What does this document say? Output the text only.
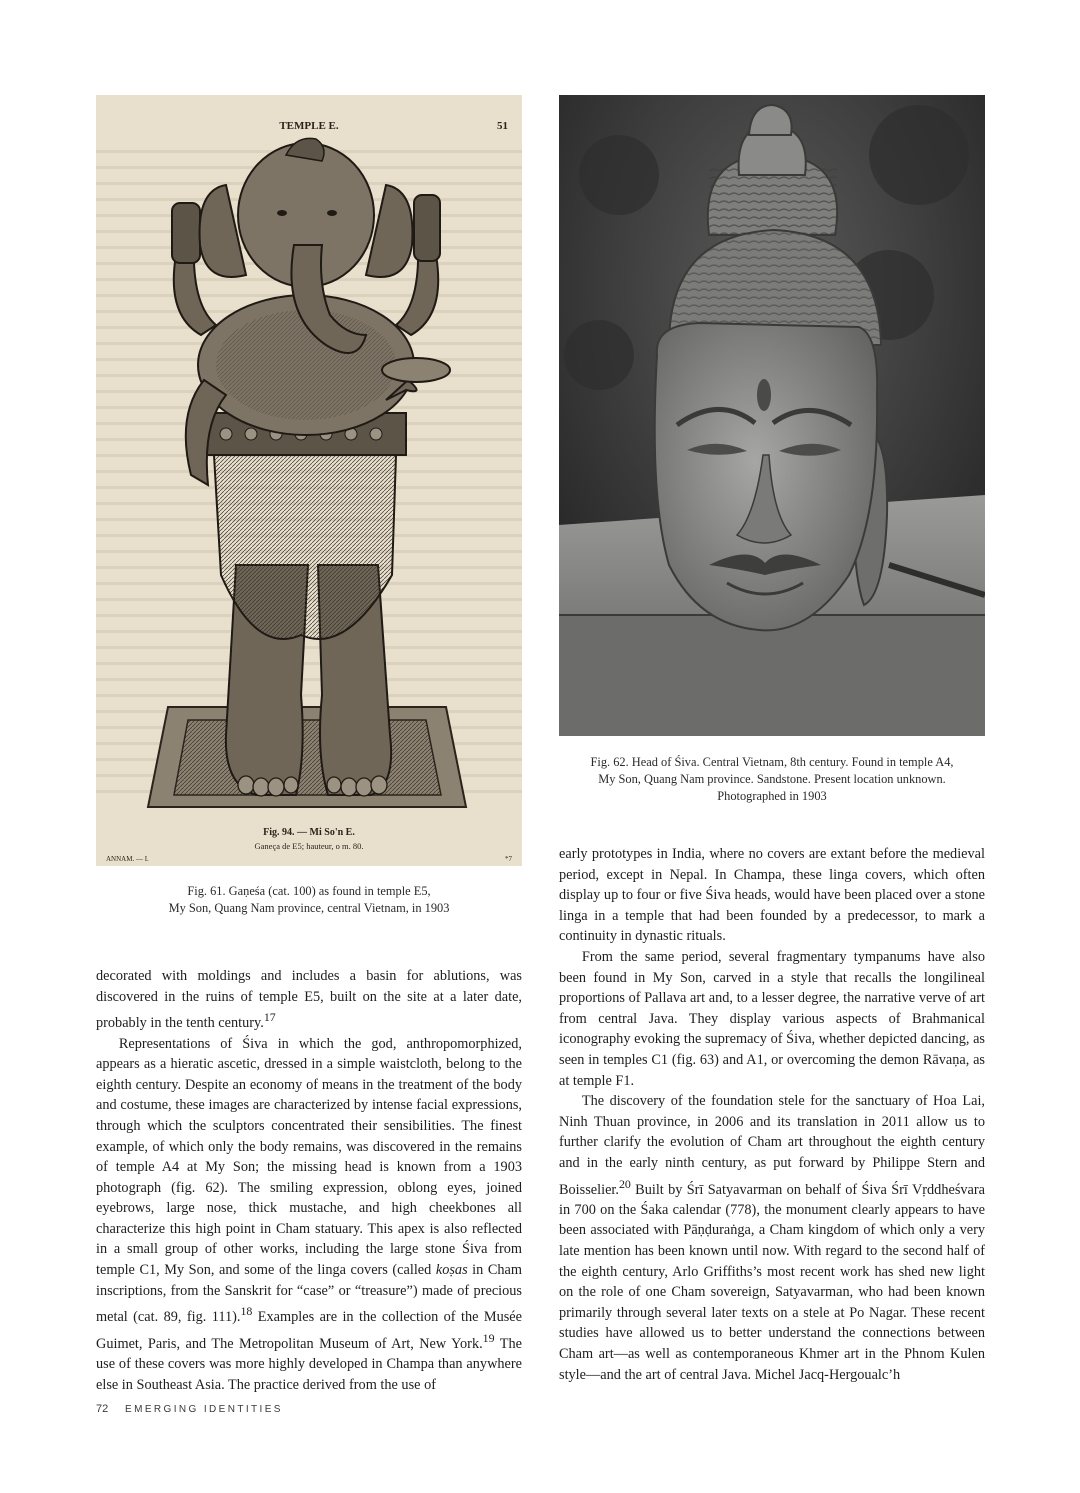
TEMPLE E.	51
Fig. 94. — Mi So'n E.
Ganeça de E5; hauteur, o m. 80.
ANNAM. — I.	*7
Fig. 61. Gaṇeśa (cat. 100) as found in temple E5,
My Son, Quang Nam province, central Vietnam, in 1903
Fig. 62. Head of Śiva. Central Vietnam, 8th century. Found in temple A4,
My Son, Quang Nam province. Sandstone. Present location unknown.
Photographed in 1903

decorated with moldings and includes a basin for ablutions, was discovered in the ruins of temple E5, built on the site at a later date, probably in the tenth century.$^{17}$

Representations of Śiva in which the god, anthropomorphized, appears as a hieratic ascetic, dressed in a simple waistcloth, belong to the eighth century. Despite an economy of means in the treatment of the body and costume, these images are characterized by intense facial expressions, through which the sculptors concentrated their sensibilities. The finest example, of which only the body remains, was discovered in the remains of temple A4 at My Son; the missing head is known from a 1903 photograph (fig. 62). The smiling expression, oblong eyes, joined eyebrows, large nose, thick mustache, and high cheekbones all characterize this high point in Cham statuary. This apex is also reflected in a small group of other works, including the large stone Śiva from temple C1, My Son, and some of the linga covers (called koṣas in Cham inscriptions, from the Sanskrit for “case” or “treasure”) made of precious metal (cat. 89, fig. 111).$^{18}$ Examples are in the collection of the Musée Guimet, Paris, and The Metropolitan Museum of Art, New York.$^{19}$ The use of these covers was more highly developed in Champa than anywhere else in Southeast Asia. The practice derived from the use of

early prototypes in India, where no covers are extant before the medieval period, except in Nepal. In Champa, these linga covers, which often display up to four or five Śiva heads, would have been placed over a stone linga in a temple that had been founded by a predecessor, to mark a continuity in dynastic rituals.

From the same period, several fragmentary tympanums have also been found in My Son, carved in a style that recalls the longilineal proportions of Pallava art and, to a lesser degree, the narrative verve of art from central Java. They display various aspects of Brahmanical iconography evoking the supremacy of Śiva, whether depicted dancing, as seen in temples C1 (fig. 63) and A1, or overcoming the demon Rāvaṇa, as at temple F1.

The discovery of the foundation stele for the sanctuary of Hoa Lai, Ninh Thuan province, in 2006 and its translation in 2011 allow us to further clarify the evolution of Cham art throughout the eighth century and in the early ninth century, as put forward by Philippe Stern and Boisselier.$^{20}$ Built by Śrī Satyavarman on behalf of Śiva Śrī Vṛddheśvara in 700 on the Śaka calendar (778), the monument clearly appears to have been associated with Pāṇḍuraṅga, a Cham kingdom of which only a very late mention has been known until now. With regard to the second half of the eighth century, Arlo Griffiths’s most recent work has shed new light on the role of one Cham sovereign, Satyavarman, who had been known primarily through several later texts on a stele at Po Nagar. These recent studies have allowed us to better understand the connections between Cham art—as well as contemporaneous Khmer art in the Phnom Kulen style—and the art of central Java. Michel Jacq-Hergoualc’h

72 EMERGING IDENTITIES
